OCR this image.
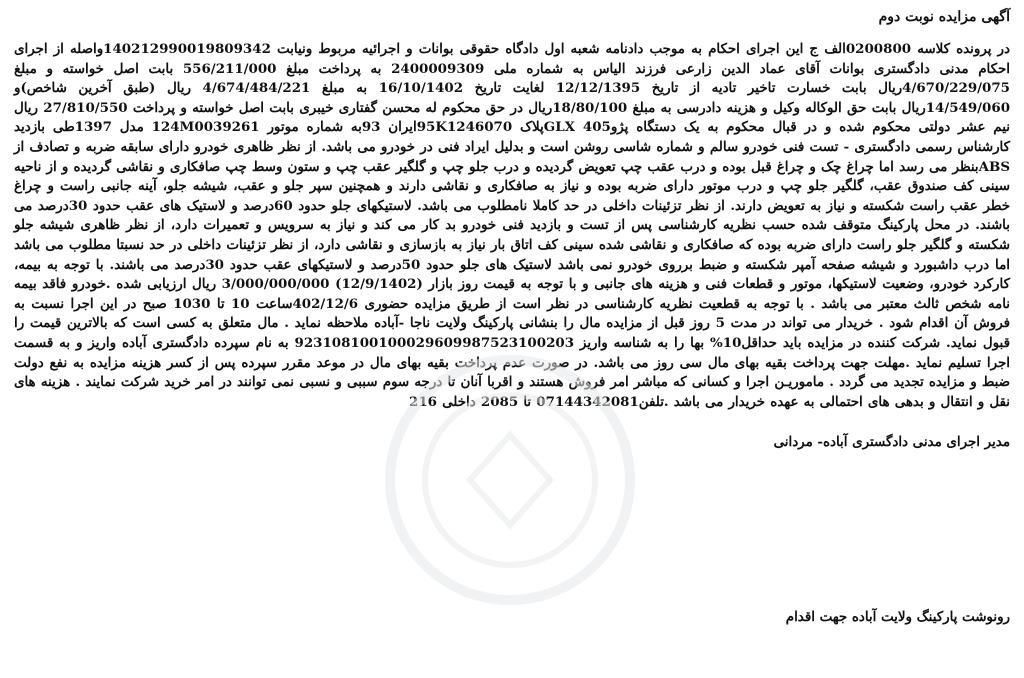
آگهی مزایده نوبت دوم

در پرونده کلاسه 0200800الف ج این اجرای احکام به موجب دادنامه شعبه اول دادگاه حقوقی بوانات و اجرائیه مربوط ونیابت 140212990019809342واصله از اجرای احکام مدنی دادگستری بوانات آقای عماد الدین زارعی فرزند الیاس به شماره ملی 2400009309 به پرداخت مبلغ 556/211/000 بابت اصل خواسته و مبلغ 4/670/229/075ریال بابت خسارت تاخیر تادیه از تاریخ 12/12/1395 لغایت تاریخ 16/10/1402 به مبلغ 4/674/484/221 ریال (طبق آخرین شاخص)و 14/549/060ریال بابت حق الوکاله وکیل و هزینه دادرسی به مبلغ 18/80/100ریال در حق محکوم له محسن گفتاری خیبری بابت اصل خواسته و پرداخت 27/810/550 ریال نیم عشر دولتی محکوم شده و در قبال محکوم به یک دستگاه پژو405 GLXپلاک 95K1246070ایران 93به شماره موتور 124M0039261 مدل 1397طی بازدید کارشناس رسمی دادگستری - تست فنی خودرو سالم و شماره شاسی روشن است و بدلیل ایراد فنی در خودرو می باشد. از نظر ظاهری خودرو دارای سابقه ضربه و تصادف از ABSبنظر می رسد اما چراغ چک و چراغ قبل بوده و درب عقب چپ تعویض گردیده و درب جلو چپ و گلگیر عقب چپ و ستون وسط چپ صافکاری و نقاشی گردیده و از ناحیه سینی کف صندوق عقب، گلگیر جلو چپ و درب موتور دارای ضربه بوده و نیاز به صافکاری و نقاشی دارند و همچنین سپر جلو و عقب، شیشه جلو، آینه جانبی راست و چراغ خطر عقب راست شکسته و نیاز به تعویض دارند. از نظر تزئینات داخلی در حد کاملا نامطلوب می باشد. لاستیکهای جلو حدود 60درصد و لاستیک های عقب حدود 30درصد می باشند. در محل پارکینگ متوقف شده حسب نظریه کارشناسی پس از تست و بازدید فنی خودرو بد کار می کند و نیاز به سرویس و تعمیرات دارد، از نظر ظاهری شیشه جلو شکسته و گلگیر جلو راست دارای ضربه بوده که صافکاری و نقاشی شده سینی کف اتاق بار نیاز به بازسازی و نقاشی دارد، از نظر تزئینات داخلی در حد نسبتا مطلوب می باشد اما درب داشبورد و شیشه صفحه آمپر شکسته و ضبط برروی خودرو نمی باشد لاستیک های جلو حدود 50درصد و لاستیکهای عقب حدود 30درصد می باشند. با توجه به بیمه، کارکرد خودرو، وضعیت لاستیکها، موتور و قطعات فنی و هزینه های جانبی و با توجه به قیمت روز بازار (12/9/1402) 3/000/000/000 ریال ارزیابی شده .خودرو فاقد بیمه نامه شخص ثالث معتبر می باشد . با توجه به قطعیت نظریه کارشناسی در نظر است از طریق مزایده حضوری 402/12/6ساعت 10 تا 1030 صبح در این اجرا نسبت به فروش آن اقدام شود . خریدار می تواند در مدت 5 روز قبل از مزایده مال را بنشانی پارکینگ ولایت ناجا -آباده ملاحظه نماید . مال متعلق به کسی است که بالاترین قیمت را قبول نماید. شرکت کننده در مزایده باید حداقل10% بها را به شناسه واریز 9231081001000296099875231002​03 به نام سپرده دادگستری آباده واریز و به قسمت اجرا تسلیم نماید .مهلت جهت پرداخت بقیه بهای مال سی روز می باشد. در صورت عدم پرداخت بقیه بهای مال در موعد مقرر سپرده پس از کسر هزینه مزایده به نفع دولت ضبط و مزایده تجدید می گردد . ماموریـن اجرا و کسانی که مباشر امر فروش هستند و اقربا آنان تا درجه سوم سببی و نسبی نمی توانند در امر خرید شرکت نمایند . هزینه های نقل و انتقال و بدهی های احتمالی به عهده خریدار می باشد .تلفن07144342081 تا 2085 داخلی 216

مدیر اجرای مدنی دادگستری آباده- مردانی
رونوشت پارکینگ ولایت آباده جهت اقدام
